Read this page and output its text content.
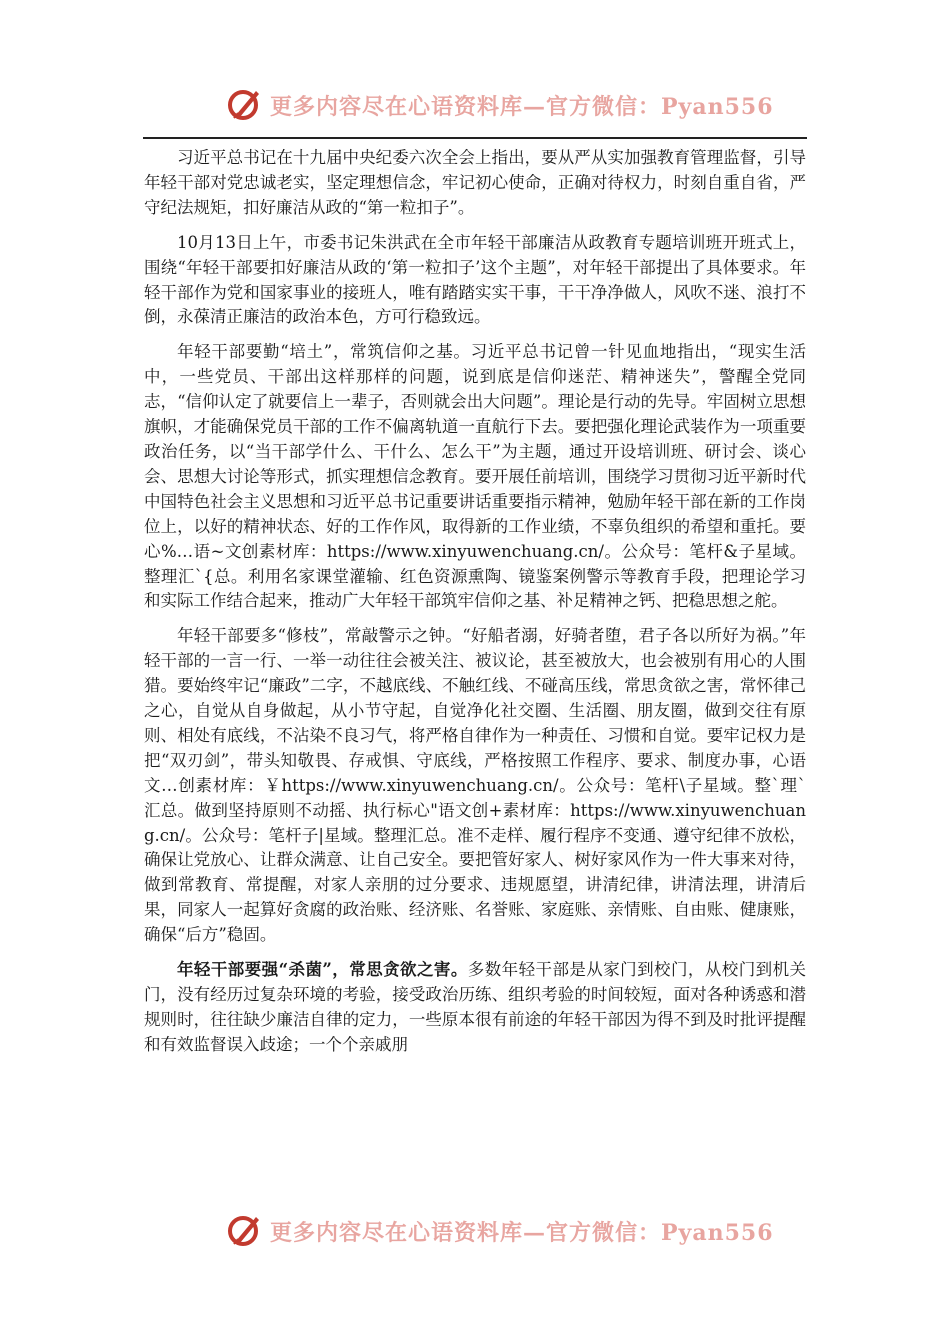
更多内容尽在心语资料库—官方微信：Pyan556

习近平总书记在十九届中央纪委六次全会上指出，要从严从实加强教育管理监督，引导年轻干部对党忠诚老实，坚定理想信念，牢记初心使命，正确对待权力，时刻自重自省，严守纪法规矩，扣好廉洁从政的“第一粒扣子”。

10月13日上午，市委书记朱洪武在全市年轻干部廉洁从政教育专题培训班开班式上，围绕“年轻干部要扣好廉洁从政的‘第一粒扣子’这个主题”，对年轻干部提出了具体要求。年轻干部作为党和国家事业的接班人，唯有踏踏实实干事，干干净净做人，风吹不迷、浪打不倒，永葆清正廉洁的政治本色，方可行稳致远。

年轻干部要勤“培土”，常筑信仰之基。习近平总书记曾一针见血地指出，“现实生活中，一些党员、干部出这样那样的问题，说到底是信仰迷茫、精神迷失”，警醒全党同志，“信仰认定了就要信上一辈子，否则就会出大问题”。理论是行动的先导。牢固树立思想旗帜，才能确保党员干部的工作不偏离轨道一直航行下去。要把强化理论武装作为一项重要政治任务，以“当干部学什么、干什么、怎么干”为主题，通过开设培训班、研讨会、谈心会、思想大讨论等形式，抓实理想信念教育。要开展任前培训，围绕学习贯彻习近平新时代中国特色社会主义思想和习近平总书记重要讲话重要指示精神，勉励年轻干部在新的工作岗位上，以好的精神状态、好的工作作风，取得新的工作业绩，不辜负组织的希望和重托。要心%…语~文创素材库：https://www.xinyuwenchuang.cn/。公众号：笔杆&子星域。整理汇`{总。利用名家课堂灌输、红色资源熏陶、镜鉴案例警示等教育手段，把理论学习和实际工作结合起来，推动广大年轻干部筑牢信仰之基、补足精神之钙、把稳思想之舵。

年轻干部要多“修枝”，常敲警示之钟。“好船者溺，好骑者堕，君子各以所好为祸。”年轻干部的一言一行、一举一动往往会被关注、被议论，甚至被放大，也会被别有用心的人围猎。要始终牢记“廉政”二字，不越底线、不触红线、不碰高压线，常思贪欲之害，常怀律己之心，自觉从自身做起，从小节守起，自觉净化社交圈、生活圈、朋友圈，做到交往有原则、相处有底线，不沾染不良习气，将严格自律作为一种责任、习惯和自觉。要牢记权力是把“双刃剑”，带头知敬畏、存戒惧、守底线，严格按照工作程序、要求、制度办事，心语文…创素材库：￥https://www.xinyuwenchuang.cn/。公众号：笔杆\子星域。整`理`汇总。做到坚持原则不动摇、执行标心"语文创+素材库：https://www.xinyuwenchuang.cn/。公众号：笔杆子|星域。整理汇总。准不走样、履行程序不变通、遵守纪律不放松，确保让党放心、让群众满意、让自己安全。要把管好家人、树好家风作为一件大事来对待，做到常教育、常提醒，对家人亲朋的过分要求、违规愿望，讲清纪律，讲清法理，讲清后果，同家人一起算好贪腐的政治账、经济账、名誉账、家庭账、亲情账、自由账、健康账，确保“后方”稳固。

年轻干部要强“杀菌”，常思贪欲之害。多数年轻干部是从家门到校门，从校门到机关门，没有经历过复杂环境的考验，接受政治历练、组织考验的时间较短，面对各种诱惑和潜规则时，往往缺少廉洁自律的定力，一些原本很有前途的年轻干部因为得不到及时批评提醒和有效监督误入歧途；一个个亲戚朋

更多内容尽在心语资料库—官方微信：Pyan556
